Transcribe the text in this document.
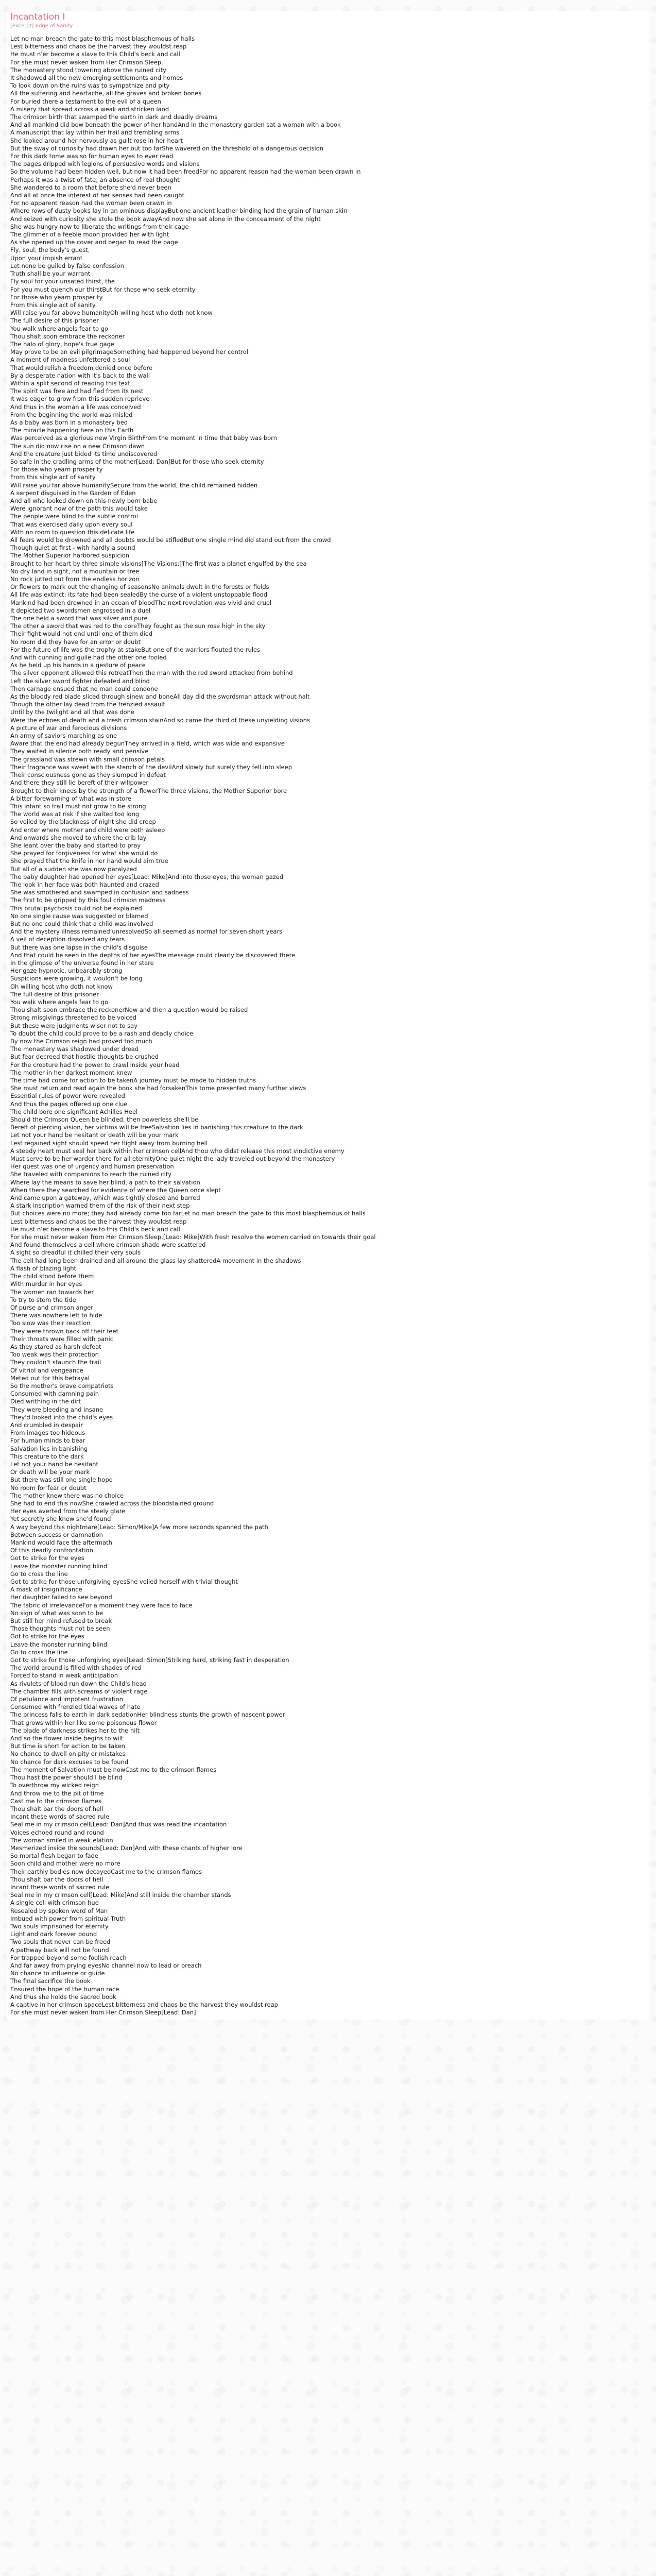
Incantation I
(excerpt) Edge of Sanity
Let no man breach the gate to this most blasphemous of halls
Lest bitterness and chaos be the harvest they wouldst reap
He must n'er become a slave to this Child's beck and call
For she must never waken from Her Crimson Sleep.
The monastery stood towering above the ruined city
It shadowed all the new emerging settlements and homes
To look down on the ruins was to sympathize and pity
All the suffering and heartache, all the graves and broken bones
For buried there a testament to the evil of a queen
A misery that spread across a weak and stricken land
The crimson birth that swamped the earth in dark and deadly dreams
And all mankind did bow beneath the power of her handAnd in the monastery garden sat a woman with a book
A manuscript that lay within her frail and trembling arms
She looked around her nervously as guilt rose in her heart
But the sway of curiosity had drawn her out too farShe wavered on the threshold of a dangerous decision
For this dark tome was so for human eyes to ever read
The pages dripped with legions of persuasive words and visions
So the volume had been hidden well, but now it had been freedFor no apparent reason had the woman been drawn in
Perhaps it was a twist of fate, an absence of real thought
She wandered to a room that before she'd never been
And all at once the interest of her senses had been caught
For no apparent reason had the woman been drawn in
Where rows of dusty books lay in an ominous displayBut one ancient leather binding had the grain of human skin
And seized with curiosity she stole the book awayAnd now she sat alone in the concealment of the night
She was hungry now to liberate the writings from their cage
The glimmer of a feeble moon provided her with light
As she opened up the cover and began to read the page
Fly, soul, the body's guest,
Upon your impish errant
Let none be guiled by false confession
Truth shall be your warrant
Fly soul for your unsated thirst, the
For you must quench our thirstBut for those who seek eternity
For those who yearn prosperity
From this single act of sanity
Will raise you far above humanityOh willing host who doth not know
The full desire of this prisoner
You walk where angels fear to go
Thou shalt soon embrace the reckoner
The halo of glory, hope's true gage
May prove to be an evil pilgrimageSomething had happened beyond her control
A moment of madness unfettered a soul
That would relish a freedom denied once before
By a desperate nation with it's back to the wall
Within a split second of reading this text
The spirit was free and had fled from its nest
It was eager to grow from this sudden reprieve
And thus in the woman a life was conceived
From the beginning the world was misled
As a baby was born in a monastery bed
The miracle happening here on this Earth
Was perceived as a glorious new Virgin BirthFrom the moment in time that baby was born
The sun did now rise on a new Crimson dawn
And the creature just bided its time undiscovered
So safe in the cradling arms of the mother[Lead: Dan]But for those who seek eternity
For those who yearn prosperity
From this single act of sanity
Will raise you far above humanitySecure from the world, the child remained hidden
A serpent disguised in the Garden of Eden
And all who looked down on this newly born babe
Were ignorant now of the path this would take
The people were blind to the subtle control
That was exercised daily upon every soul
With no room to question this delicate life
All fears would be drowned and all doubts would be stifledBut one single mind did stand out from the crowd
Though quiet at first - with hardly a sound
The Mother Superior harbored suspicion
Brought to her heart by three simple visions[The Visions:]The first was a planet engulfed by the sea
No dry land in sight, not a mountain or tree
No rock jutted out from the endless horizon
Or flowers to mark out the changing of seasonsNo animals dwelt in the forests or fields
All life was extinct; its fate had been sealedBy the curse of a violent unstoppable flood
Mankind had been drowned in an ocean of bloodThe next revelation was vivid and cruel
It depicted two swordsmen engrossed in a duel
The one held a sword that was silver and pure
The other a sword that was red to the coreThey fought as the sun rose high in the sky
Their fight would not end until one of them died
No room did they have for an error or doubt
For the future of life was the trophy at stakeBut one of the warriors flouted the rules
And with cunning and guile had the other one fooled
As he held up his hands in a gesture of peace
The silver opponent allowed this retreatThen the man with the red sword attacked from behind
Left the silver sword fighter defeated and blind
Then carnage ensued that no man could condone
As the bloody red blade sliced through sinew and boneAll day did the swordsman attack without halt
Though the other lay dead from the frenzied assault
Until by the twilight and all that was done
Were the echoes of death and a fresh crimson stainAnd so came the third of these unyielding visions
A picture of war and ferocious divisions
An army of saviors marching as one
Aware that the end had already begunThey arrived in a field, which was wide and expansive
They waited in silence both ready and pensive
The grassland was strewn with small crimson petals
Their fragrance was sweet with the stench of the devilAnd slowly but surely they fell into sleep
Their consciousness gone as they slumped in defeat
And there they still lie bereft of their willpower
Brought to their knees by the strength of a flowerThe three visions, the Mother Superior bore
A bitter forewarning of what was in store
This infant so frail must not grow to be strong
The world was at risk if she waited too long
So veiled by the blackness of night she did creep
And enter where mother and child were both asleep
And onwards she moved to where the crib lay
She leant over the baby and started to pray
She prayed for forgiveness for what she would do
She prayed that the knife in her hand would aim true
But all of a sudden she was now paralyzed
The baby daughter had opened her eyes[Lead: Mike]And into those eyes, the woman gazed
The look in her face was both haunted and crazed
She was smothered and swamped in confusion and sadness
The first to be gripped by this foul crimson madness
This brutal psychosis could not be explained
No one single cause was suggested or blamed
But no one could think that a child was involved
And the mystery illness remained unresolvedSo all seemed as normal for seven short years
A veil of deception dissolved any fears
But there was one lapse in the child's disguise
And that could be seen in the depths of her eyesThe message could clearly be discovered there
In the glimpse of the universe found in her stare
Her gaze hypnotic, unbearably strong
Suspicions were growing, it wouldn't be long
Oh willing host who doth not know
The full desire of this prisoner
You walk where angels fear to go
Thou shalt soon embrace the reckonerNow and then a question would be raised
Strong misgivings threatened to be voiced
But these were judgments wiser not to say
To doubt the child could prove to be a rash and deadly choice
By now the Crimson reign had proved too much
The monastery was shadowed under dread
But fear decreed that hostile thoughts be crushed
For the creature had the power to crawl inside your head
The mother in her darkest moment knew
The time had come for action to be takenA journey must be made to hidden truths
She must return and read again the book she had forsakenThis tome presented many further views
Essential rules of power were revealed
And thus the pages offered up one clue
The child bore one significant Achilles Heel
Should the Crimson Queen be blinded, then powerless she'll be
Bereft of piercing vision, her victims will be freeSalvation lies in banishing this creature to the dark
Let not your hand be hesitant or death will be your mark
Lest regained sight should speed her flight away from burning hell
A steady heart must seal her back within her crimson cellAnd thou who didst release this most vindictive enemy
Must serve to be her warder there for all eternityOne quiet night the lady traveled out beyond the monastery
Her quest was one of urgency and human preservation
She traveled with companions to reach the ruined city
Where lay the means to save her blind, a path to their salvation
When there they searched for evidence of where the Queen once slept
And came upon a gateway, which was tightly closed and barred
A stark inscription warned them of the risk of their next step
But choices were no more; they had already come too farLet no man breach the gate to this most blasphemous of halls
Lest bitterness and chaos be the harvest they wouldst reap
He must n'er become a slave to this Child's beck and call
For she must never waken from Her Crimson Sleep.[Lead: Mike]With fresh resolve the women carried on towards their goal
And found themselves a cell where crimson shade were scattered
A sight so dreadful it chilled their very souls
The cell had long been drained and all around the glass lay shatteredA movement in the shadows
A flash of blazing light
The child stood before them
With murder in her eyes
The women ran towards her
To try to stem the tide
Of purse and crimson anger
There was nowhere left to hide
Too slow was their reaction
They were thrown back off their feet
Their throats were filled with panic
As they stared as harsh defeat
Too weak was their protection
They couldn't staunch the trail
Of vitriol and vengeance
Meted out for this betrayal
So the mother's brave compatriots
Consumed with damning pain
Died writhing in the dirt
They were bleeding and insane
They'd looked into the child's eyes
And crumbled in despair
From images too hideous
For human minds to bear
Salvation lies in banishing
This creature to the dark
Let not your hand be hesitant
Or death will be your mark
But there was still one single hope
No room for fear or doubt
The mother knew there was no choice
She had to end this nowShe crawled across the bloodstained ground
Her eyes averted from the steely glare
Yet secretly she knew she'd found
A way beyond this nightmare[Lead: Simon/Mike]A few more seconds spanned the path
Between success or damnation
Mankind would face the aftermath
Of this deadly confrontation
Got to strike for the eyes
Leave the monster running blind
Go to cross the line
Got to strike for those unforgiving eyesShe veiled herself with trivial thought
A mask of insignificance
Her daughter failed to see beyond
The fabric of irrelevanceFor a moment they were face to face
No sign of what was soon to be
But still her mind refused to break
Those thoughts must not be seen
Got to strike for the eyes
Leave the monster running blind
Go to cross the line
Got to strike for those unforgiving eyes[Lead: Simon]Striking hard, striking fast in desperation
The world around is filled with shades of red
Forced to stand in weak anticipation
As rivulets of blood run down the Child's head
The chamber fills with screams of violent rage
Of petulance and impotent frustration
Consumed with frenzied tidal waves of hate
The princess falls to earth in dark sedationHer blindness stunts the growth of nascent power
That grows within her like some poisonous flower
The blade of darkness strikes her to the hilt
And so the flower inside begins to wilt
But time is short for action to be taken
No chance to dwell on pity or mistakes
No chance for dark excuses to be found
The moment of Salvation must be nowCast me to the crimson flames
Thou hast the power should I be blind
To overthrow my wicked reign
And throw me to the pit of time
Cast me to the crimson flames
Thou shalt bar the doors of hell
Incant these words of sacred rule
Seal me in my crimson cell[Lead: Dan]And thus was read the incantation
Voices echoed round and round
The woman smiled in weak elation
Mesmerized inside the sounds[Lead: Dan]And with these chants of higher lore
So mortal flesh began to fade
Soon child and mother were no more
Their earthly bodies now decayedCast me to the crimson flames
Thou shalt bar the doors of hell
Incant these words of sacred rule
Seal me in my crimson cell[Lead: Mike]And still inside the chamber stands
A single cell with crimson hue
Resealed by spoken word of Man
Imbued with power from spiritual Truth
Two souls imprisoned for eternity
Light and dark forever bound
Two souls that never can be freed
A pathway back will not be found
For trapped beyond some foolish reach
And far away from prying eyesNo channel now to lead or preach
No chance to influence or guide
The final sacrifice the book
Ensured the hope of the human race
And thus she holds the sacred book
A captive in her crimson spaceLest bitterness and chaos be the harvest they wouldst reap
For she must never waken from Her Crimson Sleep[Lead: Dan]
